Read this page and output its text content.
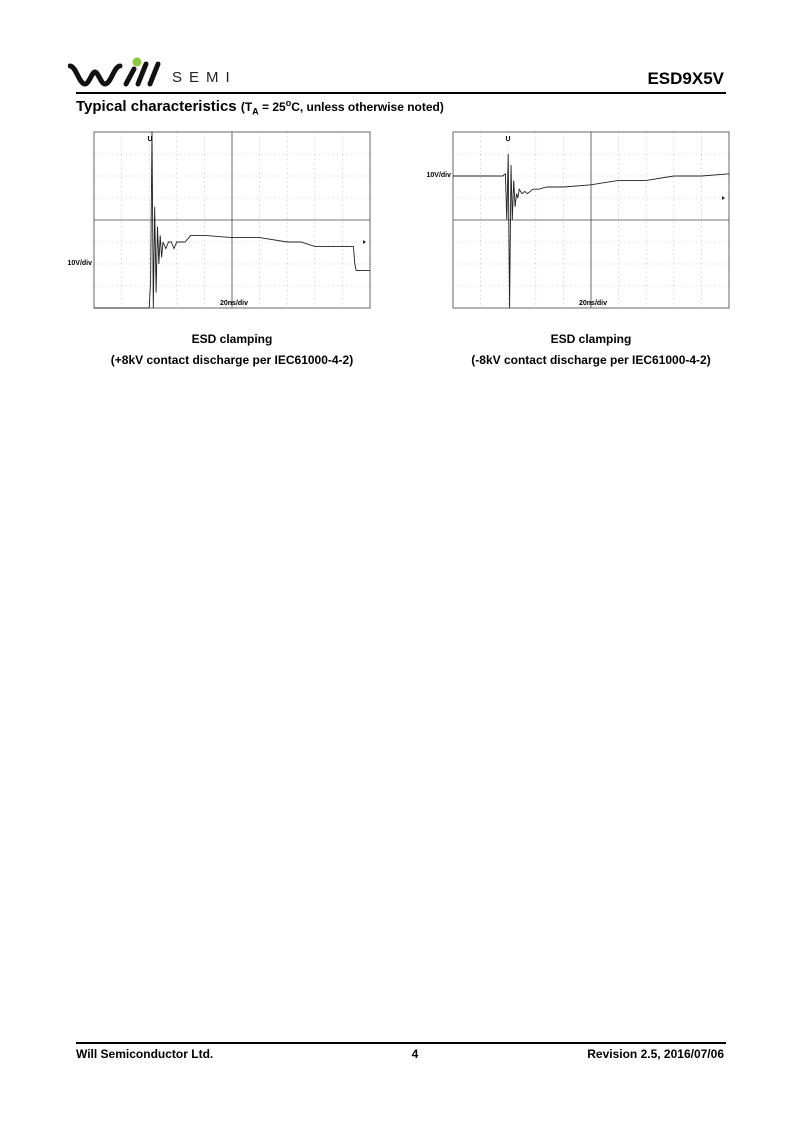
SEMI	ESD9X5V
Typical characteristics ($T_A = 25^oC$, unless otherwise noted)
U
20ns/div
ESD clamping
(+8kV contact discharge per IEC61000-4-2)
U
20ns/div
ESD clamping
(-8kV contact discharge per IEC61000-4-2)
Will Semiconductor Ltd.	4	Revision 2.5, 2016/07/06
10V/div
10V/div
